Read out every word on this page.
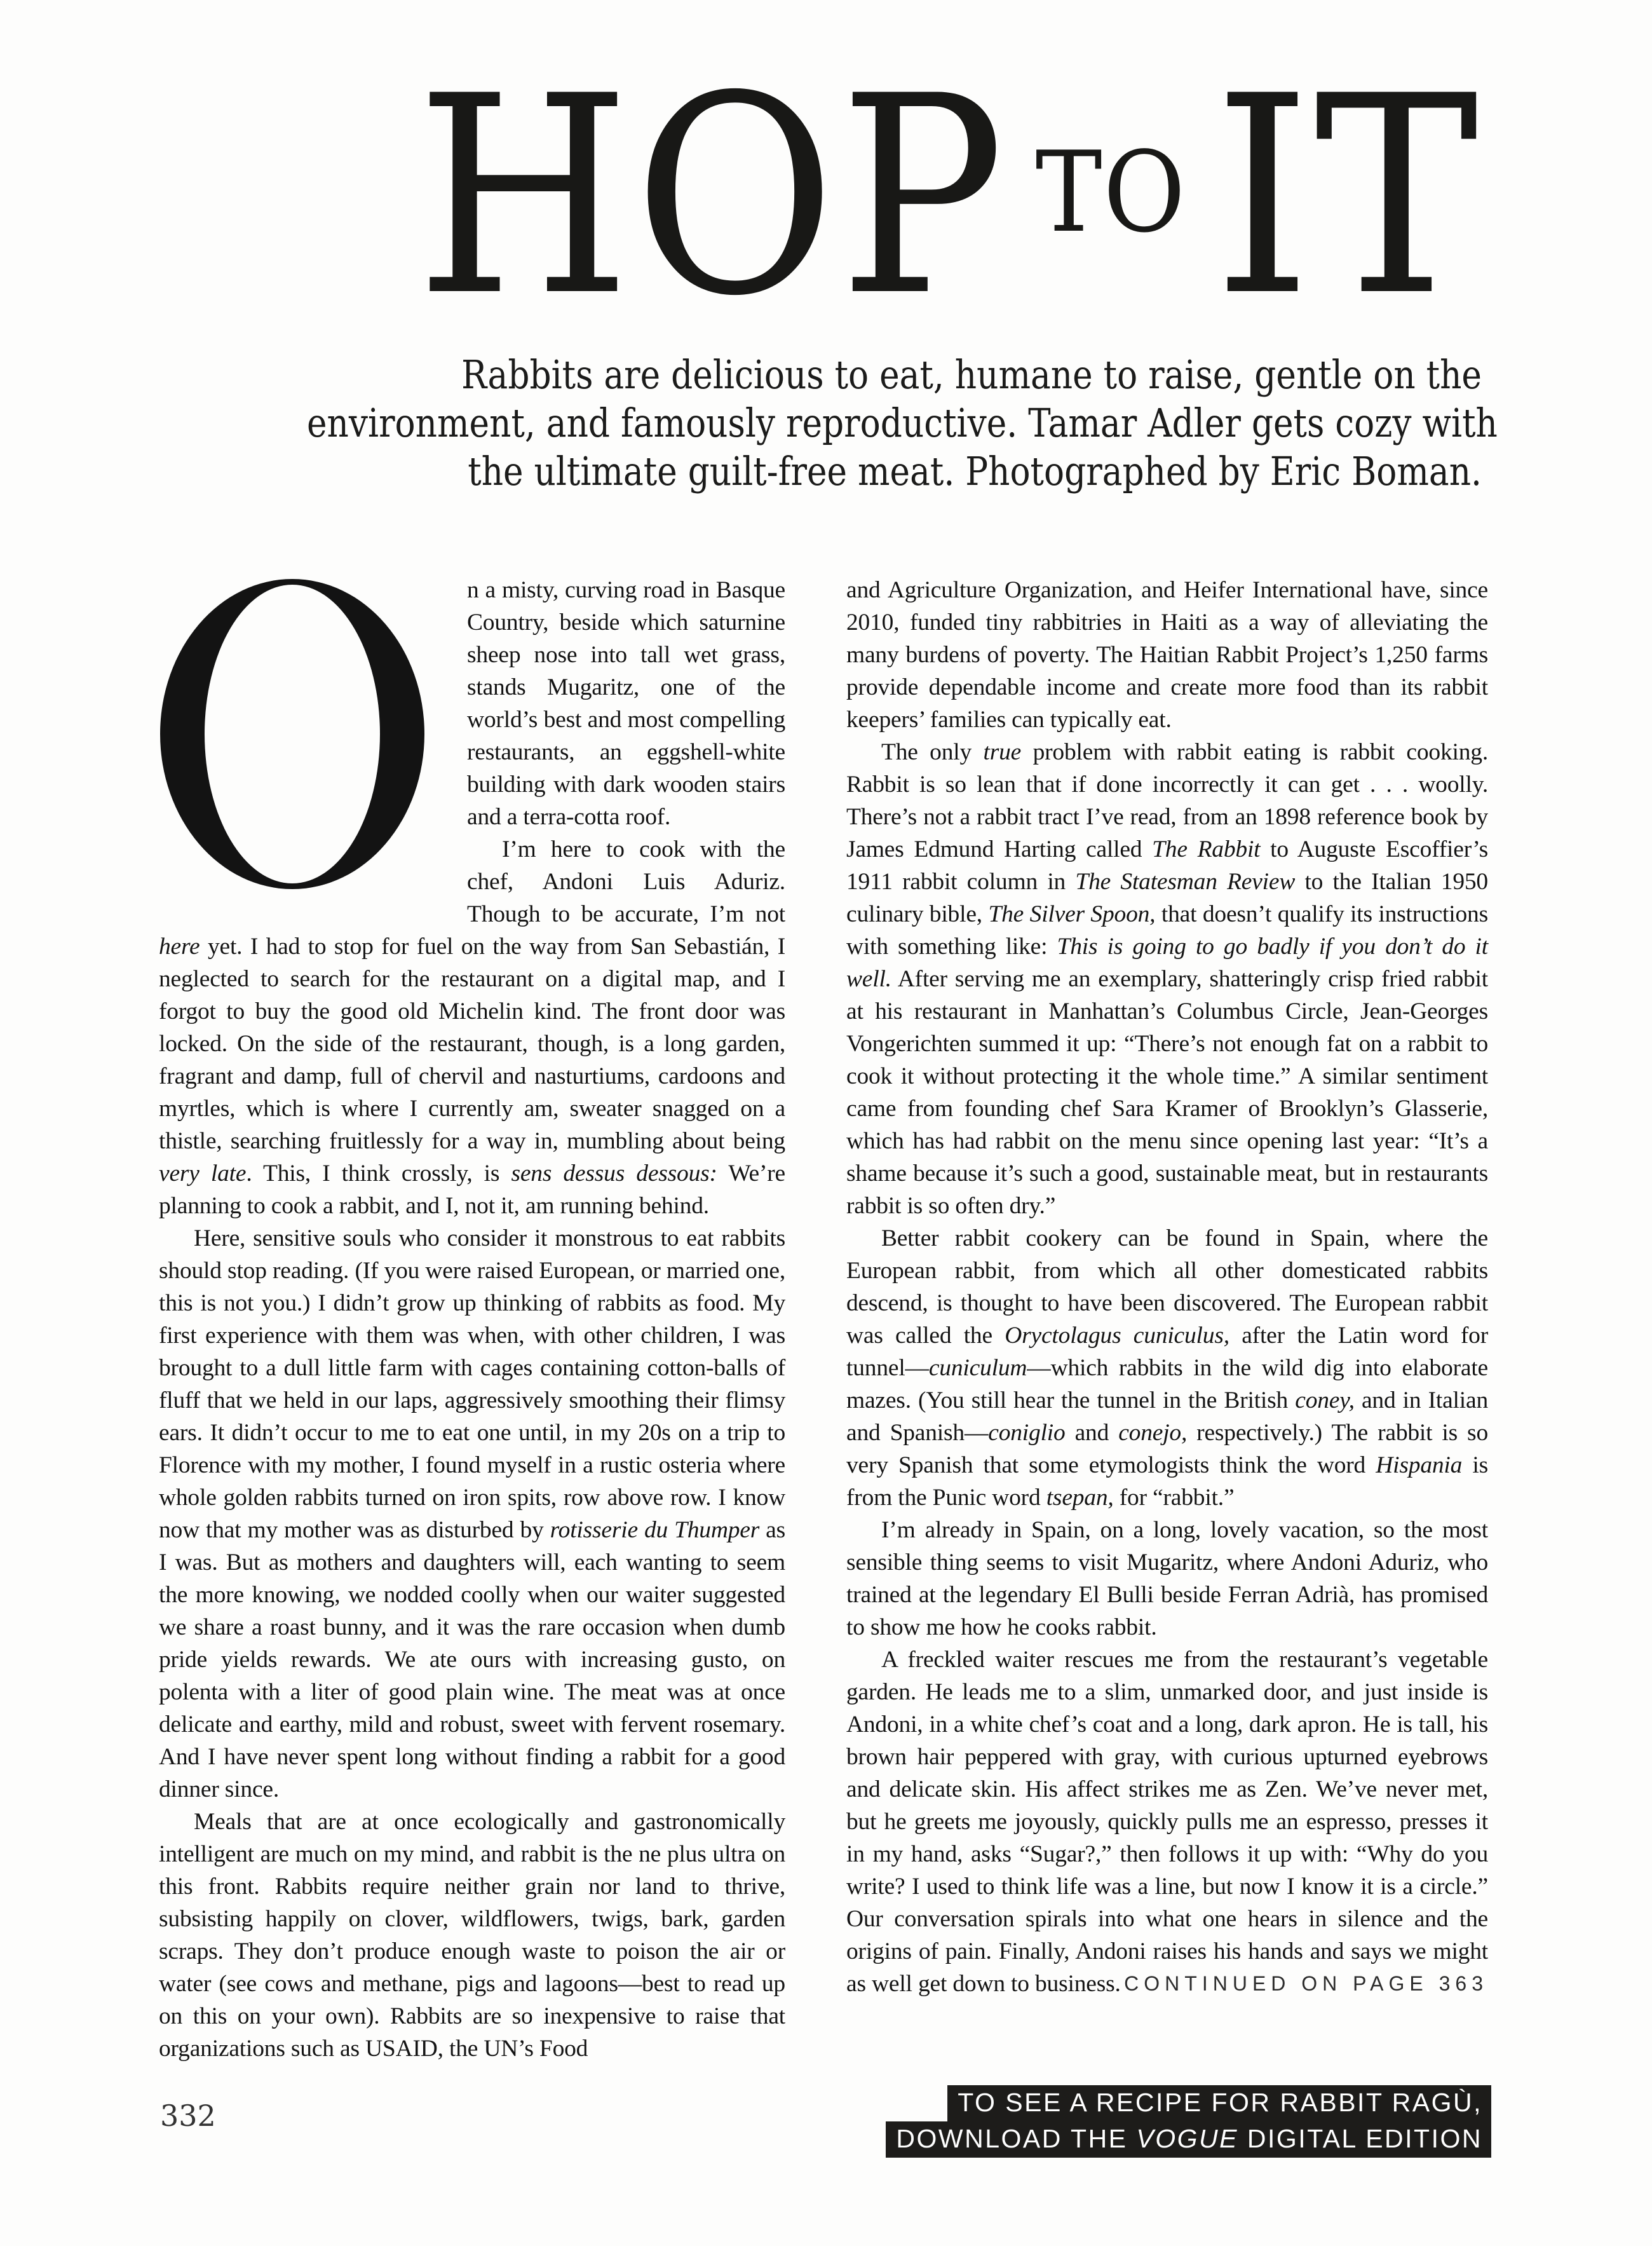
HOP TO IT
Rabbits are delicious to eat, humane to raise, gentle on the
environment, and famously reproductive. Tamar Adler gets cozy with
the ultimate guilt-free meat. Photographed by Eric Boman.

n a misty, curving road in Basque Country, beside which saturnine sheep nose into tall wet grass, stands Mugaritz, one of the world’s best and most compelling restaurants, an eggshell-white building with dark wooden stairs and a terra-cotta roof.

I’m here to cook with the chef, Andoni Luis Aduriz. Though to be accurate, I’m not here yet. I had to stop for fuel on the way from San Sebastián, I neglected to search for the restaurant on a digital map, and I forgot to buy the good old Michelin kind. The front door was locked. On the side of the restaurant, though, is a long garden, fragrant and damp, full of chervil and nasturtiums, cardoons and myrtles, which is where I currently am, sweater snagged on a thistle, searching fruitlessly for a way in, mumbling about being very late. This, I think crossly, is sens dessus dessous: We’re planning to cook a rabbit, and I, not it, am running behind.

Here, sensitive souls who consider it monstrous to eat rabbits should stop reading. (If you were raised European, or married one, this is not you.) I didn’t grow up thinking of rabbits as food. My first experience with them was when, with other children, I was brought to a dull little farm with cages containing cotton-balls of fluff that we held in our laps, aggressively smoothing their flimsy ears. It didn’t occur to me to eat one until, in my 20s on a trip to Florence with my mother, I found myself in a rustic osteria where whole golden rabbits turned on iron spits, row above row. I know now that my mother was as disturbed by rotisserie du Thumper as I was. But as mothers and daughters will, each wanting to seem the more knowing, we nodded coolly when our waiter suggested we share a roast bunny, and it was the rare occasion when dumb pride yields rewards. We ate ours with increasing gusto, on polenta with a liter of good plain wine. The meat was at once delicate and earthy, mild and robust, sweet with fervent rosemary. And I have never spent long without finding a rabbit for a good dinner since.

Meals that are at once ecologically and gastronomically intelligent are much on my mind, and rabbit is the ne plus ultra on this front. Rabbits require neither grain nor land to thrive, subsisting happily on clover, wildflowers, twigs, bark, garden scraps. They don’t produce enough waste to poison the air or water (see cows and methane, pigs and lagoons—best to read up on this on your own). Rabbits are so inexpensive to raise that organizations such as USAID, the UN’s Food

and Agriculture Organization, and Heifer International have, since 2010, funded tiny rabbitries in Haiti as a way of alleviating the many burdens of poverty. The Haitian Rabbit Project’s 1,250 farms provide dependable income and create more food than its rabbit keepers’ families can typically eat.

The only true problem with rabbit eating is rabbit cooking. Rabbit is so lean that if done incorrectly it can get . . . woolly. There’s not a rabbit tract I’ve read, from an 1898 reference book by James Edmund Harting called The Rabbit to Auguste Escoffier’s 1911 rabbit column in The Statesman Review to the Italian 1950 culinary bible, The Silver Spoon, that doesn’t qualify its instructions with something like: This is going to go badly if you don’t do it well. After serving me an exemplary, shatteringly crisp fried rabbit at his restaurant in Manhattan’s Columbus Circle, Jean-Georges Vongerichten summed it up: “There’s not enough fat on a rabbit to cook it without protecting it the whole time.” A similar sentiment came from founding chef Sara Kramer of Brooklyn’s Glasserie, which has had rabbit on the menu since opening last year: “It’s a shame because it’s such a good, sustainable meat, but in restaurants rabbit is so often dry.”

Better rabbit cookery can be found in Spain, where the European rabbit, from which all other domesticated rabbits descend, is thought to have been discovered. The European rabbit was called the Oryctolagus cuniculus, after the Latin word for tunnel—cuniculum—which rabbits in the wild dig into elaborate mazes. (You still hear the tunnel in the British coney, and in Italian and Spanish—coniglio and conejo, respectively.) The rabbit is so very Spanish that some etymologists think the word Hispania is from the Punic word tsepan, for “rabbit.”

I’m already in Spain, on a long, lovely vacation, so the most sensible thing seems to visit Mugaritz, where Andoni Aduriz, who trained at the legendary El Bulli beside Ferran Adrià, has promised to show me how he cooks rabbit.

A freckled waiter rescues me from the restaurant’s vegetable garden. He leads me to a slim, unmarked door, and just inside is Andoni, in a white chef’s coat and a long, dark apron. He is tall, his brown hair peppered with gray, with curious upturned eyebrows and delicate skin. His affect strikes me as Zen. We’ve never met, but he greets me joyously, quickly pulls me an espresso, presses it in my hand, asks “Sugar?,” then follows it up with: “Why do you write? I used to think life was a line, but now I know it is a circle.” Our conversation spirals into what one hears in silence and the origins of pain. Finally, Andoni raises his hands and says we might as well get down to business. CONTINUED ON PAGE 363

332	TO SEE A RECIPE FOR RABBIT RAGÙ,
DOWNLOAD THE VOGUE DIGITAL EDITION
